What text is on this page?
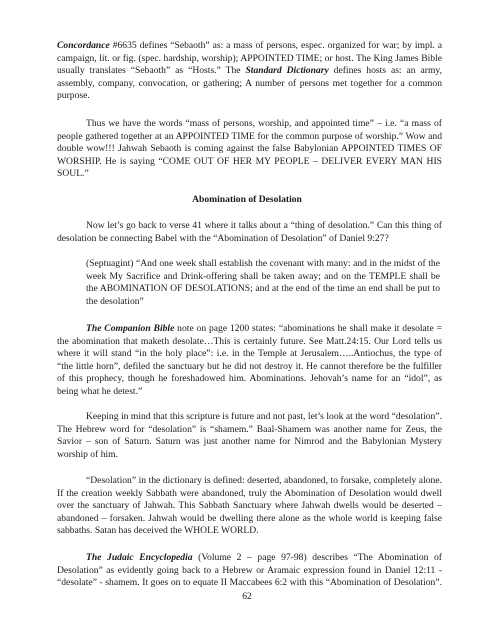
Concordance #6635 defines “Sebaoth” as: a mass of persons, espec. organized for war; by impl. a campaign, lit. or fig. (spec. hardship, worship); APPOINTED TIME; or host. The King James Bible usually translates “Sebaoth” as “Hosts.” The Standard Dictionary defines hosts as: an army, assembly, company, convocation, or gathering; A number of persons met together for a common purpose.

Thus we have the words “mass of persons, worship, and appointed time” – i.e. “a mass of people gathered together at an APPOINTED TIME for the common purpose of worship.” Wow and double wow!!! Jahwah Sebaoth is coming against the false Babylonian APPOINTED TIMES OF WORSHIP. He is saying “COME OUT OF HER MY PEOPLE – DELIVER EVERY MAN HIS SOUL.”

Abomination of Desolation

Now let’s go back to verse 41 where it talks about a “thing of desolation.” Can this thing of desolation be connecting Babel with the “Abomination of Desolation” of Daniel 9:27?

(Septuagint) “And one week shall establish the covenant with many: and in the midst of the week My Sacrifice and Drink-offering shall be taken away; and on the TEMPLE shall be the ABOMINATION OF DESOLATIONS; and at the end of the time an end shall be put to the desolation”

The Companion Bible note on page 1200 states: “abominations he shall make it desolate = the abomination that maketh desolate…This is certainly future. See Matt.24:15. Our Lord tells us where it will stand “in the holy place”: i.e. in the Temple at Jerusalem…..Antiochus, the type of “the little horn”, defiled the sanctuary but he did not destroy it. He cannot therefore be the fulfiller of this prophecy, though he foreshadowed him. Abominations. Jehovah’s name for an “idol”, as being what he detest.”

Keeping in mind that this scripture is future and not past, let’s look at the word “desolation”. The Hebrew word for “desolation” is “shamem.” Baal-Shamem was another name for Zeus, the Savior – son of Saturn. Saturn was just another name for Nimrod and the Babylonian Mystery worship of him.

“Desolation” in the dictionary is defined: deserted, abandoned, to forsake, completely alone. If the creation weekly Sabbath were abandoned, truly the Abomination of Desolation would dwell over the sanctuary of Jahwah. This Sabbath Sanctuary where Jahwah dwells would be deserted – abandoned – forsaken. Jahwah would be dwelling there alone as the whole world is keeping false sabbaths. Satan has deceived the WHOLE WORLD.

The Judaic Encyclopedia (Volume 2 – page 97-98) describes “The Abomination of Desolation” as evidently going back to a Hebrew or Aramaic expression found in Daniel 12:11 - “desolate” - shamem. It goes on to equate II Maccabees 6:2 with this “Abomination of Desolation”.

62
